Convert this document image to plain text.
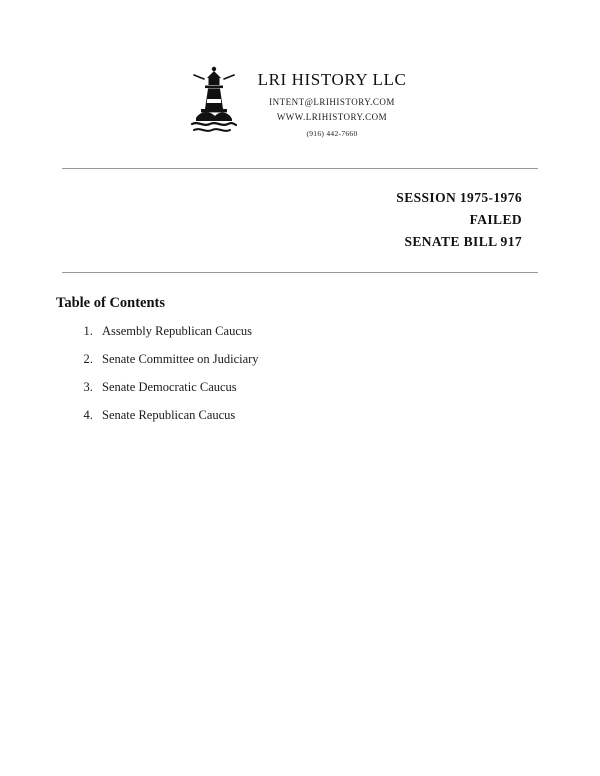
LRI HISTORY LLC
INTENT@LRIHISTORY.COM
WWW.LRIHISTORY.COM
(916) 442-7660
SESSION 1975-1976
FAILED
SENATE BILL 917
Table of Contents
1. Assembly Republican Caucus
2. Senate Committee on Judiciary
3. Senate Democratic Caucus
4. Senate Republican Caucus
